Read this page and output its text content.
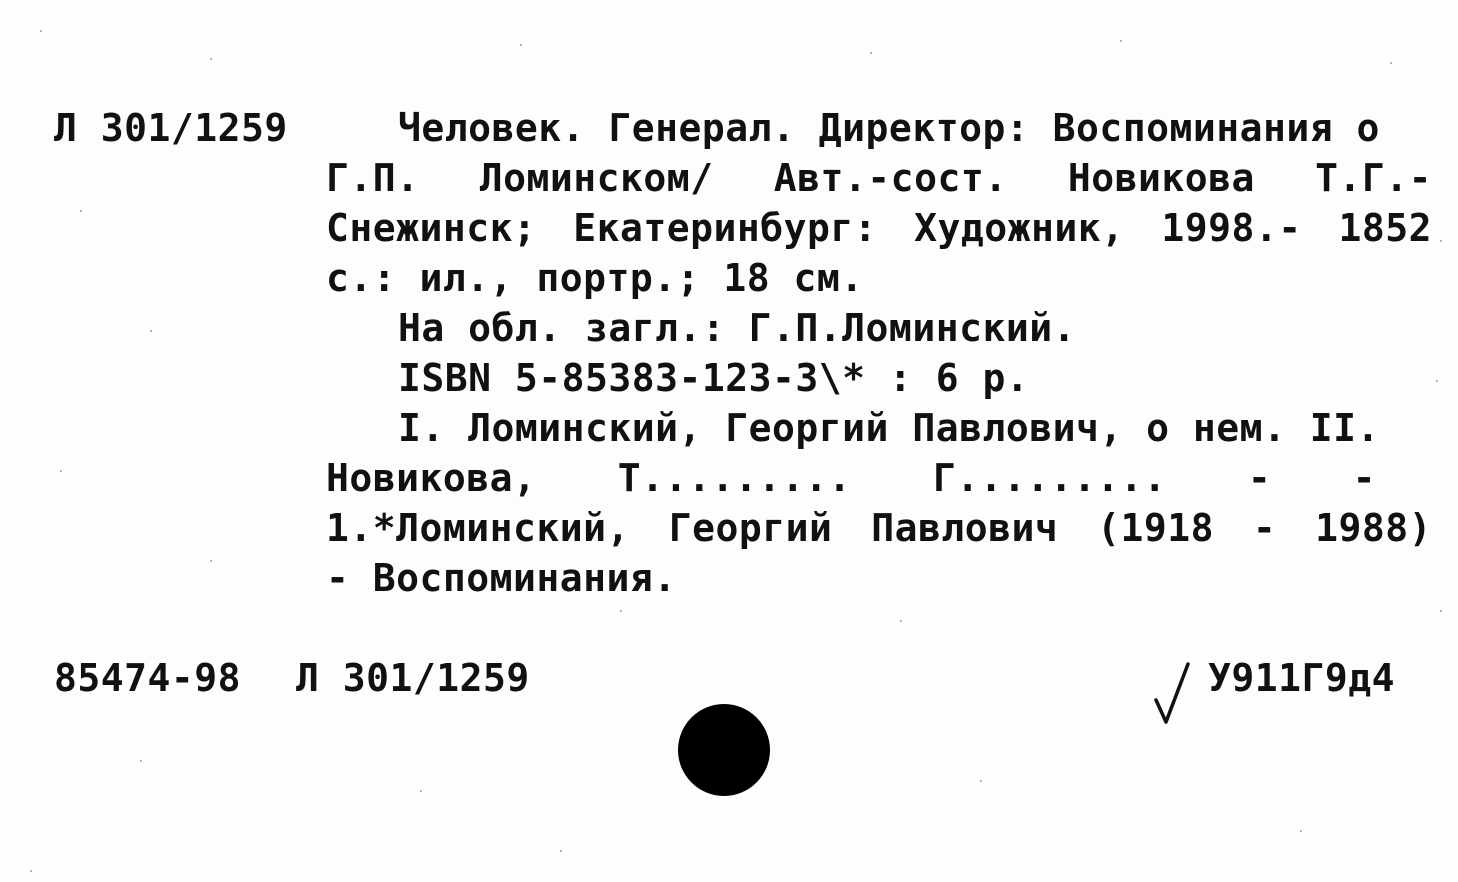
Л 301/1259	Человек. Генерал. Директор: Воспоминания о
Г.П. Ломинском/ Авт.-сост. Новикова Т.Г.-
Снежинск; Екатеринбург: Художник, 1998.- 1852
с.: ил., портр.; 18 см.
На обл. загл.: Г.П.Ломинский.
ISBN 5-85383-123-3\* : 6 р.
I. Ломинский, Георгий Павлович, о нем. II.
Новикова, Т......... Г......... - -
1.*Ломинский, Георгий Павлович (1918 - 1988)
- Воспоминания.
85474-98 Л 301/1259	У911Г9д4
